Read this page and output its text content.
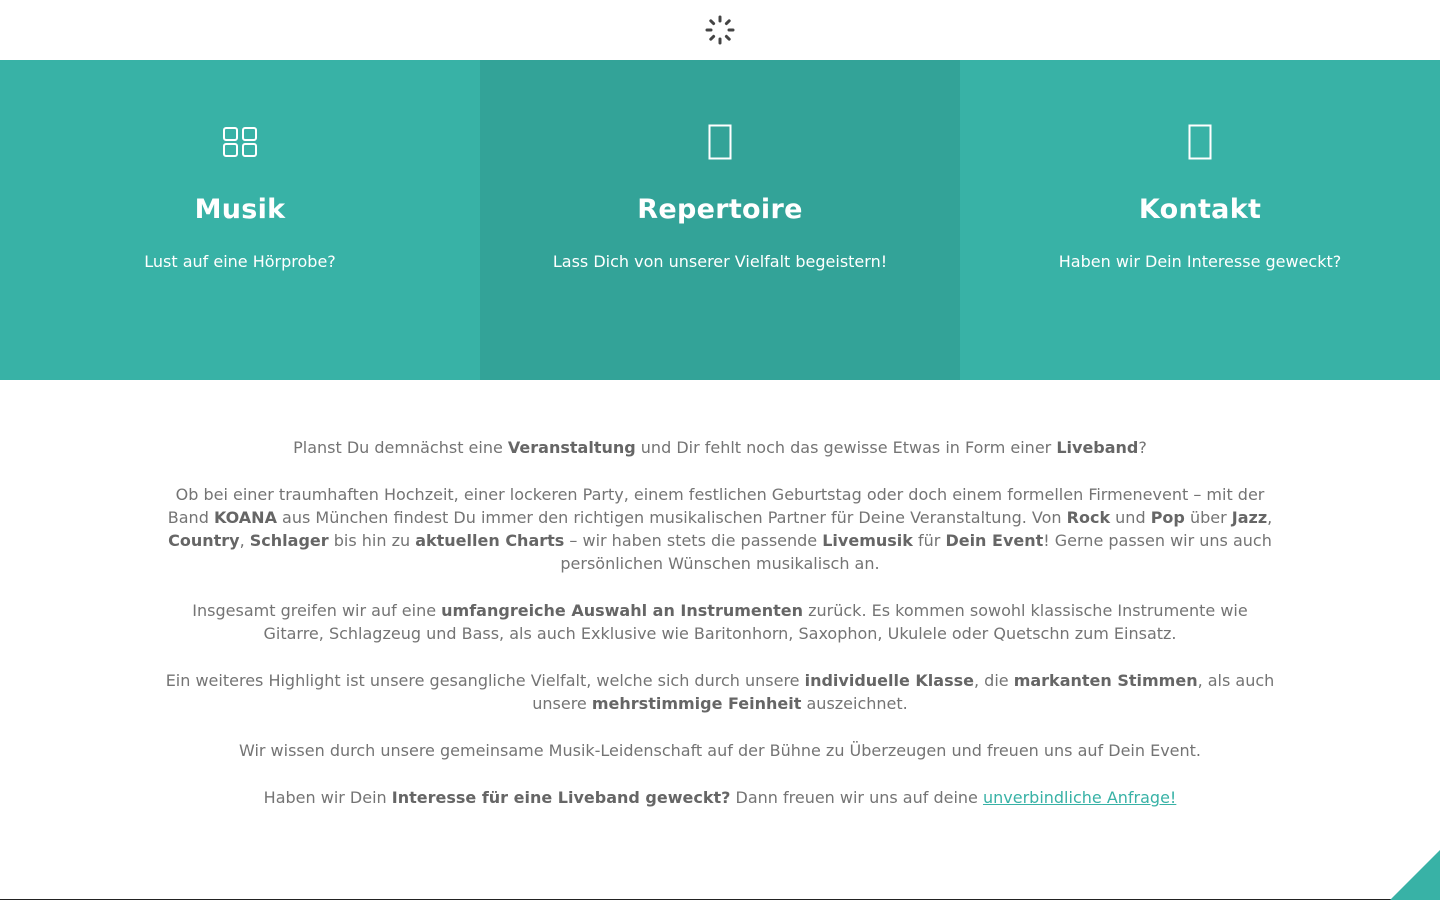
Musik
Lust auf eine Hörprobe?
Repertoire
Lass Dich von unserer Vielfalt begeistern!
Kontakt
Haben wir Dein Interesse geweckt?

Planst Du demnächst eine Veranstaltung und Dir fehlt noch das gewisse Etwas in Form einer Liveband?

Ob bei einer traumhaften Hochzeit, einer lockeren Party, einem festlichen Geburtstag oder doch einem formellen Firmenevent – mit der Band KOANA aus München findest Du immer den richtigen musikalischen Partner für Deine Veranstaltung. Von Rock und Pop über Jazz, Country, Schlager bis hin zu aktuellen Charts – wir haben stets die passende Livemusik für Dein Event! Gerne passen wir uns auch persönlichen Wünschen musikalisch an.

Insgesamt greifen wir auf eine umfangreiche Auswahl an Instrumenten zurück. Es kommen sowohl klassische Instrumente wie Gitarre, Schlagzeug und Bass, als auch Exklusive wie Baritonhorn, Saxophon, Ukulele oder Quetschn zum Einsatz.

Ein weiteres Highlight ist unsere gesangliche Vielfalt, welche sich durch unsere individuelle Klasse, die markanten Stimmen, als auch unsere mehrstimmige Feinheit auszeichnet.

Wir wissen durch unsere gemeinsame Musik-Leidenschaft auf der Bühne zu Überzeugen und freuen uns auf Dein Event.

Haben wir Dein Interesse für eine Liveband geweckt? Dann freuen wir uns auf deine unverbindliche Anfrage!
